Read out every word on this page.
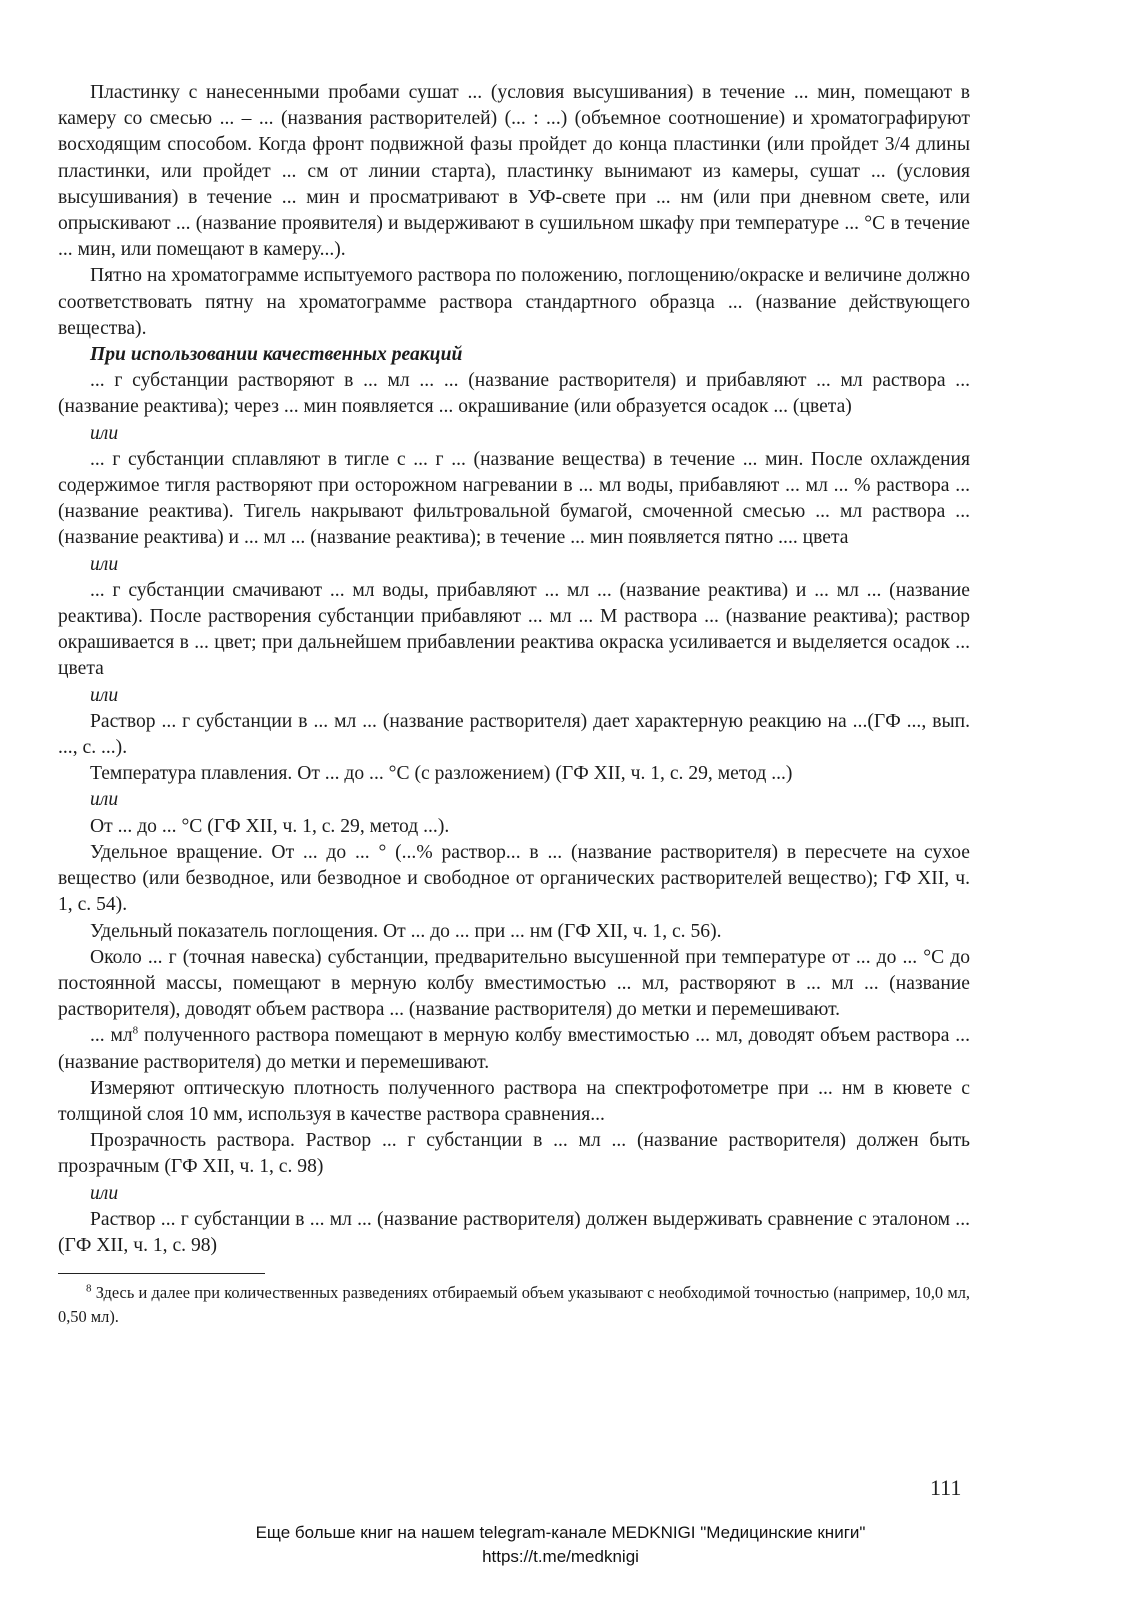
Пластинку с нанесенными пробами сушат ... (условия высушивания) в течение ... мин, помещают в камеру со смесью ... – ... (названия растворителей) (... : ...) (объемное соотношение) и хроматографируют восходящим способом. Когда фронт подвижной фазы пройдет до конца пластинки (или пройдет 3/4 длины пластинки, или пройдет ... см от линии старта), пластинку вынимают из камеры, сушат ... (условия высушивания) в течение ... мин и просматривают в УФ-свете при ... нм (или при дневном свете, или опрыскивают ... (название проявителя) и выдерживают в сушильном шкафу при температуре ... °С в течение ... мин, или помещают в камеру...).

Пятно на хроматограмме испытуемого раствора по положению, поглощению/окраске и величине должно соответствовать пятну на хроматограмме раствора стандартного образца ... (название действующего вещества).

При использовании качественных реакций

... г субстанции растворяют в ... мл ... ... (название растворителя) и прибавляют ... мл раствора ... (название реактива); через ... мин появляется ... окрашивание (или образуется осадок ... (цвета)

или

... г субстанции сплавляют в тигле с ... г ... (название вещества) в течение ... мин. После охлаждения содержимое тигля растворяют при осторожном нагревании в ... мл воды, прибавляют ... мл ... % раствора ... (название реактива). Тигель накрывают фильтровальной бумагой, смоченной смесью ... мл раствора ... (название реактива) и ... мл ... (название реактива); в течение ... мин появляется пятно .... цвета

или

... г субстанции смачивают ... мл воды, прибавляют ... мл ... (название реактива) и ... мл ... (название реактива). После растворения субстанции прибавляют ... мл ... М раствора ... (название реактива); раствор окрашивается в ... цвет; при дальнейшем прибавлении реактива окраска усиливается и выделяется осадок ... цвета

или

Раствор ... г субстанции в ... мл ... (название растворителя) дает характерную реакцию на ...(ГФ ..., вып. ..., с. ...).

Температура плавления. От ... до ... °С (с разложением) (ГФ XII, ч. 1, с. 29, метод ...)

или

От ... до ... °С (ГФ XII, ч. 1, с. 29, метод ...).

Удельное вращение. От ... до ... ° (...% раствор... в ... (название растворителя) в пересчете на сухое вещество (или безводное, или безводное и свободное от органических растворителей вещество); ГФ XII, ч. 1, с. 54).

Удельный показатель поглощения. От ... до ... при ... нм (ГФ XII, ч. 1, с. 56).

Около ... г (точная навеска) субстанции, предварительно высушенной при температуре от ... до ... °С до постоянной массы, помещают в мерную колбу вместимостью ... мл, растворяют в ... мл ... (название растворителя), доводят объем раствора ... (название растворителя) до метки и перемешивают.

... $мл^8$ полученного раствора помещают в мерную колбу вместимостью ... мл, доводят объем раствора ... (название растворителя) до метки и перемешивают.

Измеряют оптическую плотность полученного раствора на спектрофотометре при ... нм в кювете с толщиной слоя 10 мм, используя в качестве раствора сравнения...

Прозрачность раствора. Раствор ... г субстанции в ... мл ... (название растворителя) должен быть прозрачным (ГФ XII, ч. 1, с. 98)

или

Раствор ... г субстанции в ... мл ... (название растворителя) должен выдерживать сравнение с эталоном ... (ГФ XII, ч. 1, с. 98)

$^8$ Здесь и далее при количественных разведениях отбираемый объем указывают с необходимой точностью (например, 10,0 мл, 0,50 мл).

111
Еще больше книг на нашем telegram-канале MEDKNIGI "Медицинские книги"
https://t.me/medknigi
